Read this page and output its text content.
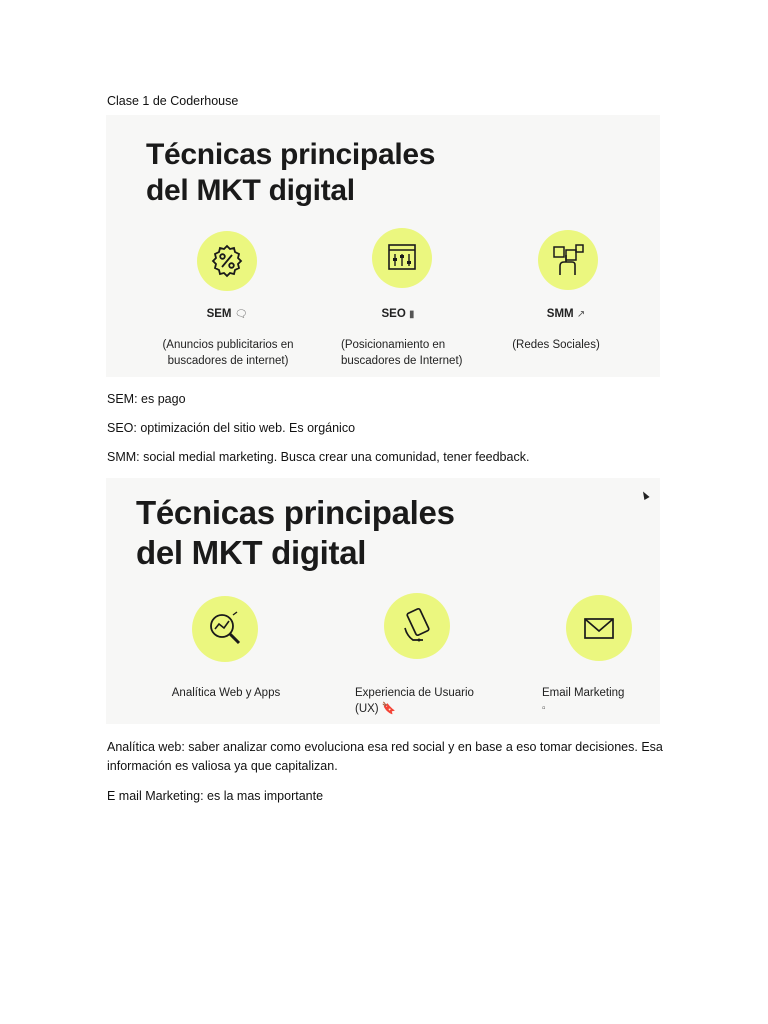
Clase 1 de Coderhouse

Técnicas principales
del MKT digital
SEM 🗨	SEO ▮	SMM ↗
(Anuncios publicitarios en
buscadores de internet)
(Posicionamiento en
buscadores de Internet)
(Redes Sociales)

SEM: es pago

SEO: optimización del sitio web. Es orgánico

SMM: social medial marketing. Busca crear una comunidad, tener feedback.

Técnicas principales
del MKT digital
Analítica Web y Apps	Experiencia de Usuario
(UX) 🔖
Email Marketing
▫

Analítica web: saber analizar como evoluciona esa red social y en base a eso tomar decisiones. Esa información es valiosa ya que capitalizan.

E mail Marketing: es la mas importante
